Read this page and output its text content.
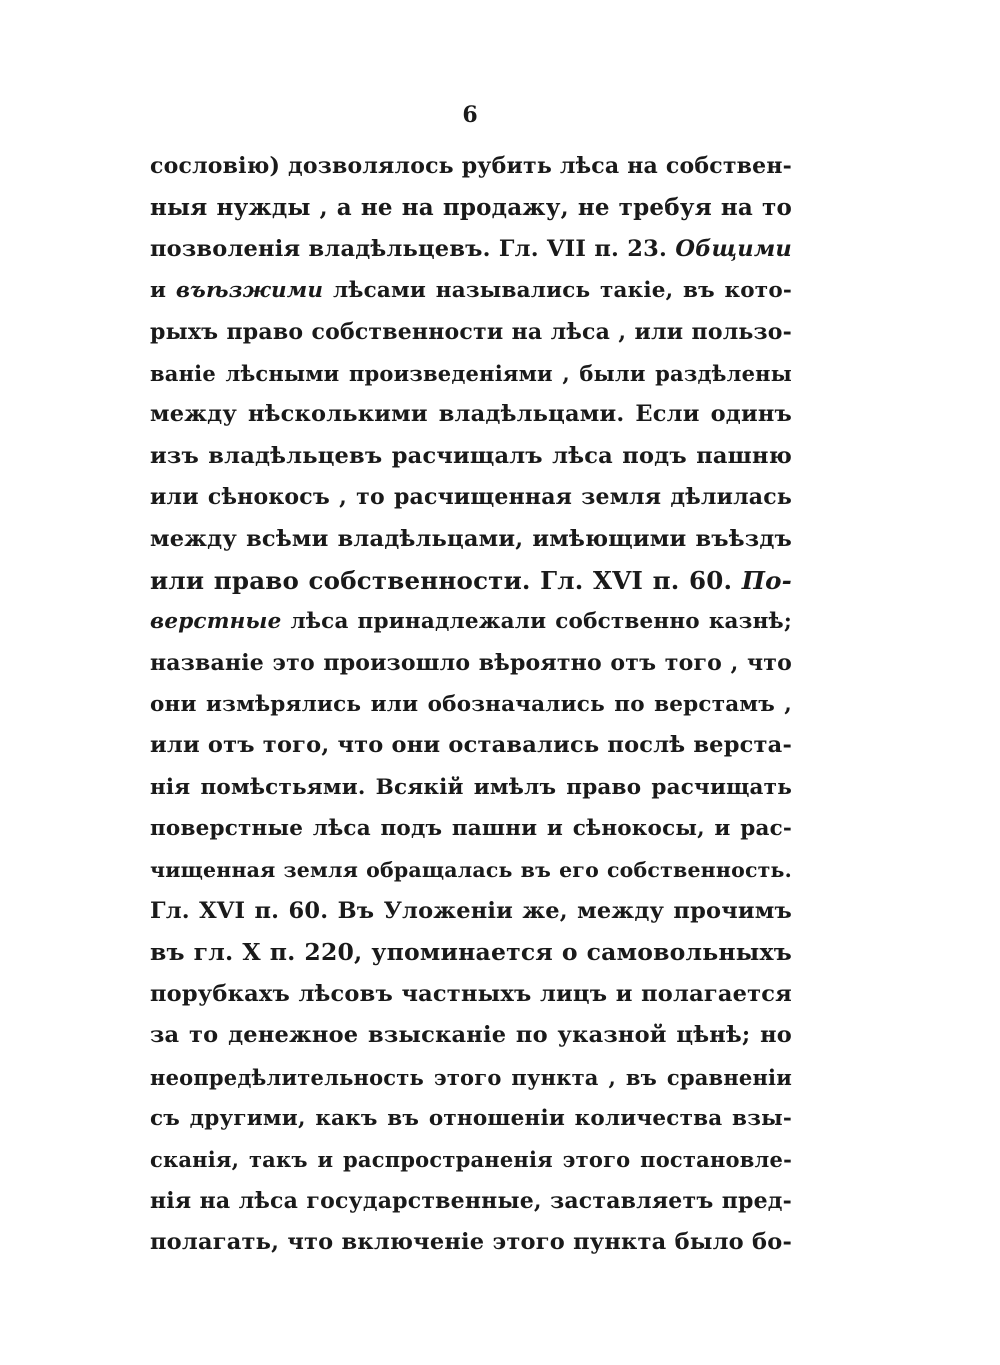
6
сословію) дозволялось рубить лѣса на собствен-
ныя нужды , а не на продажу, не требуя на то
позволенія владѣльцевъ. Гл. VII п. 23. Общими
и въѣзжими лѣсами назывались такіе, въ кото-
рыхъ право собственности на лѣса , или пользо-
ваніе лѣсными произведеніями , были раздѣлены
между нѣсколькими владѣльцами. Если одинъ
изъ владѣльцевъ расчищалъ лѣса подъ пашню
или сѣнокосъ , то расчищенная земля дѣлилась
между всѣми владѣльцами, имѣющими въѣздъ
или право собственности. Гл. XVI п. 60. По-
верстные лѣса принадлежали собственно казнѣ;
названіе это произошло вѣроятно отъ того , что
они измѣрялись или обозначались по верстамъ ,
или отъ того, что они оставались послѣ верста-
нія помѣстьями. Всякій имѣлъ право расчищать
поверстные лѣса подъ пашни и сѣнокосы, и рас-
чищенная земля обращалась въ его собственность.
Гл. XVI п. 60. Въ Уложеніи же, между прочимъ
въ гл. X п. 220, упоминается о самовольныхъ
порубкахъ лѣсовъ частныхъ лицъ и полагается
за то денежное взысканіе по указной цѣнѣ; но
неопредѣлительность этого пункта , въ сравненіи
съ другими, какъ въ отношеніи количества взы-
сканія, такъ и распространенія этого постановле-
нія на лѣса государственные, заставляетъ пред-
полагать, что включеніе этого пункта было бо-
